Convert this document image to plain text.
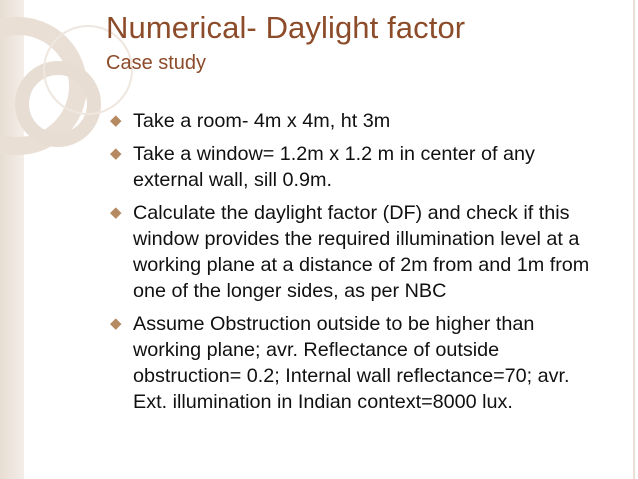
Numerical- Daylight factor
Case study
◆ Take a room- 4m x 4m, ht 3m
◆ Take a window= 1.2m x 1.2 m in center of any external wall, sill 0.9m.
◆ Calculate the daylight factor (DF) and check if this window provides the required illumination level at a working plane at a distance of 2m from and 1m from one of the longer sides, as per NBC
◆ Assume Obstruction outside to be higher than working plane; avr. Reflectance of outside obstruction= 0.2; Internal wall reflectance=70; avr. Ext. illumination in Indian context=8000 lux.
